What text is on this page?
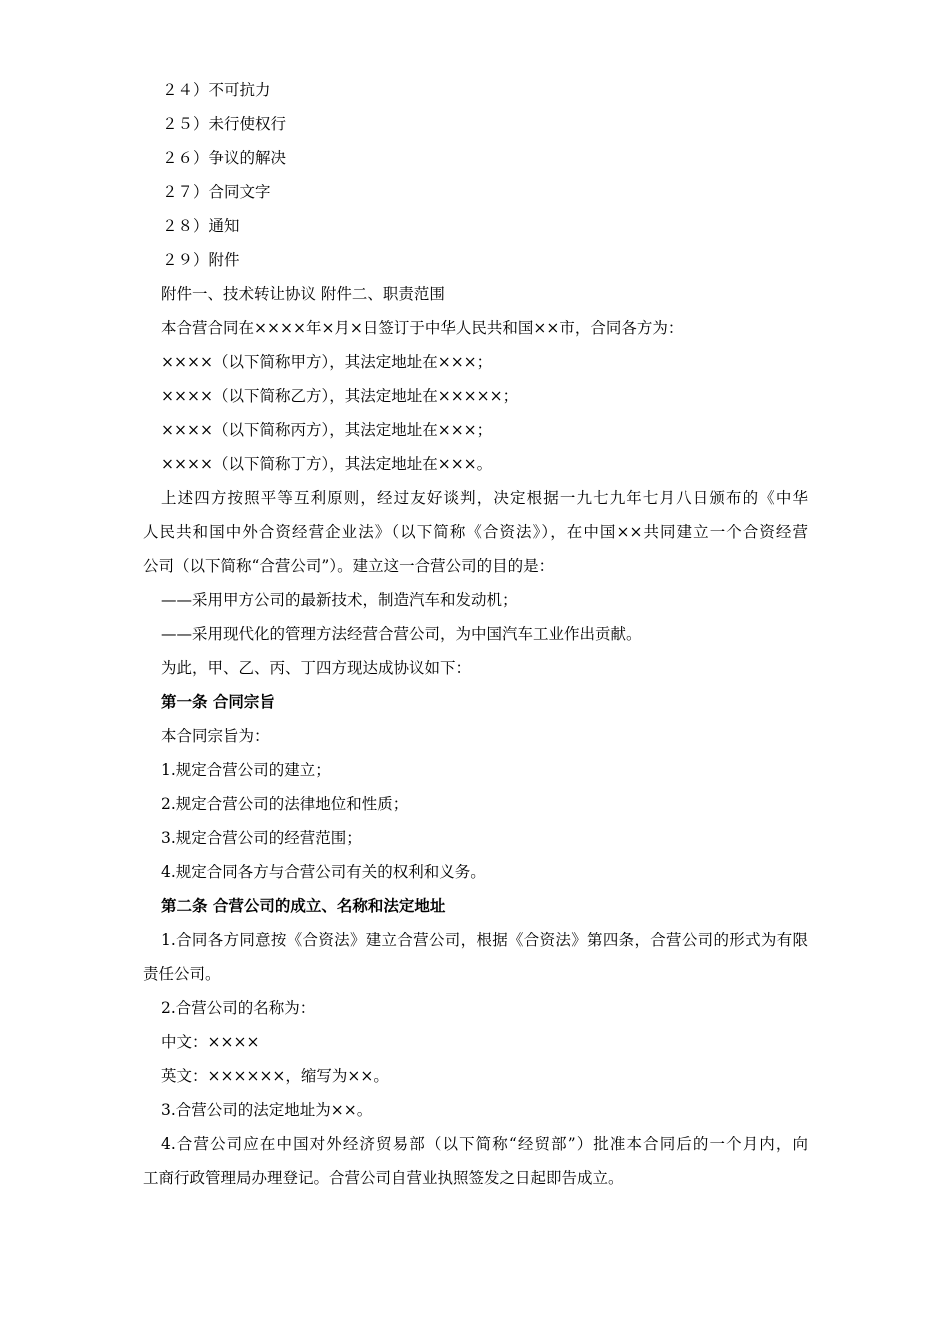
２４）不可抗力
２５）未行使权行
２６）争议的解决
２７）合同文字
２８）通知
２９）附件
附件一、技术转让协议 附件二、职责范围
本合营合同在××××年×月×日签订于中华人民共和国××市，合同各方为：
××××（以下简称甲方），其法定地址在×××；
××××（以下简称乙方），其法定地址在×××××；
××××（以下简称丙方），其法定地址在×××；
××××（以下简称丁方），其法定地址在×××。
上述四方按照平等互利原则，经过友好谈判，决定根据一九七九年七月八日颁布的《中华
人民共和国中外合资经营企业法》（以下简称《合资法》），在中国××共同建立一个合资经营
公司（以下简称“合营公司”）。建立这一合营公司的目的是：
——采用甲方公司的最新技术，制造汽车和发动机；
——采用现代化的管理方法经营合营公司，为中国汽车工业作出贡献。
为此，甲、乙、丙、丁四方现达成协议如下：
第一条 合同宗旨
本合同宗旨为：
1.规定合营公司的建立；
2.规定合营公司的法律地位和性质；
3.规定合营公司的经营范围；
4.规定合同各方与合营公司有关的权利和义务。
第二条 合营公司的成立、名称和法定地址
1.合同各方同意按《合资法》建立合营公司，根据《合资法》第四条，合营公司的形式为有限
责任公司。
2.合营公司的名称为：
中文：××××
英文：××××××，缩写为××。
3.合营公司的法定地址为××。
4.合营公司应在中国对外经济贸易部（以下简称“经贸部”）批准本合同后的一个月内，向
工商行政管理局办理登记。合营公司自营业执照签发之日起即告成立。
